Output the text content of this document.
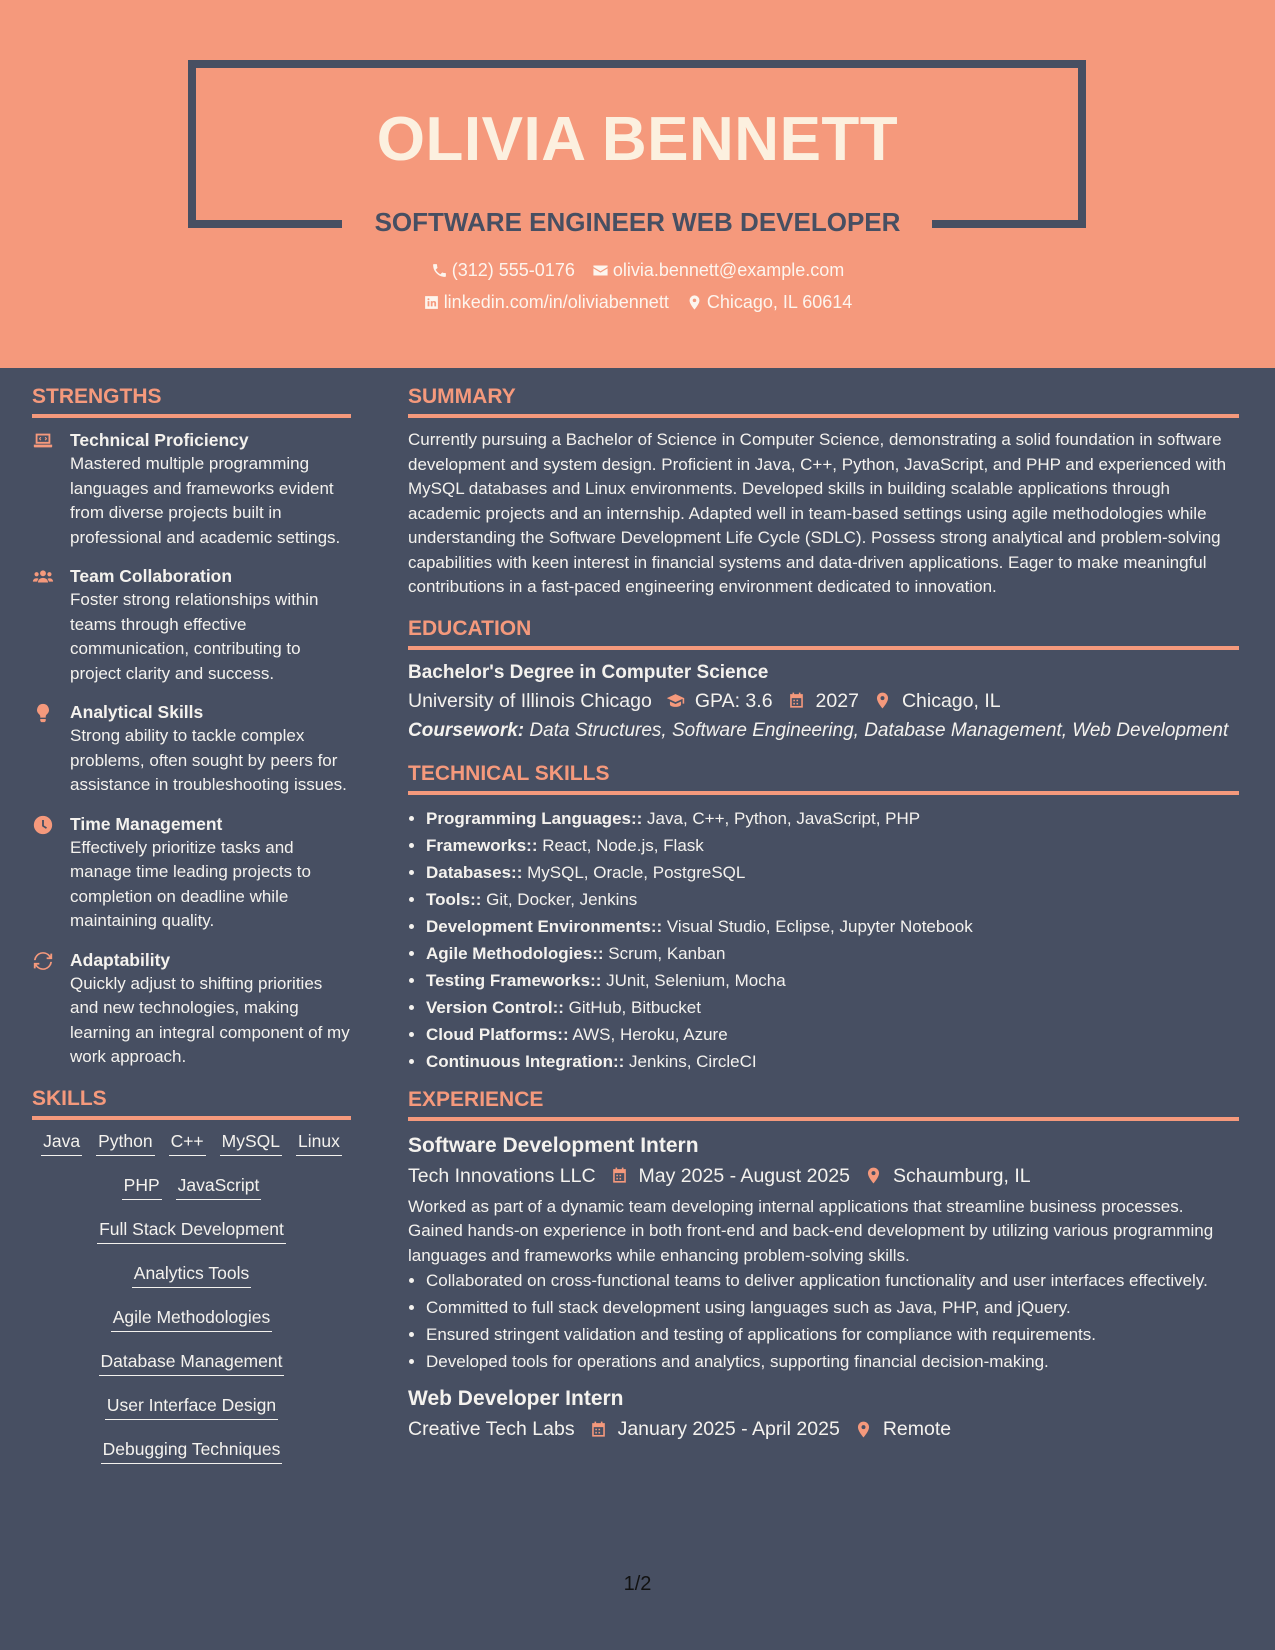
OLIVIA BENNETT
SOFTWARE ENGINEER WEB DEVELOPER
(312) 555-0176
olivia.bennett@example.com
linkedin.com/in/oliviabennett
Chicago, IL 60614
STRENGTHS
Technical Proficiency
Mastered multiple programming languages and frameworks evident from diverse projects built in professional and academic settings.
Team Collaboration
Foster strong relationships within teams through effective communication, contributing to project clarity and success.
Analytical Skills
Strong ability to tackle complex problems, often sought by peers for assistance in troubleshooting issues.
Time Management
Effectively prioritize tasks and manage time leading projects to completion on deadline while maintaining quality.
Adaptability
Quickly adjust to shifting priorities and new technologies, making learning an integral component of my work approach.
SKILLS
Java Python C++ MySQL Linux
PHP JavaScript
Full Stack Development
Analytics Tools
Agile Methodologies
Database Management
User Interface Design
Debugging Techniques
SUMMARY
Currently pursuing a Bachelor of Science in Computer Science, demonstrating a solid foundation in software development and system design. Proficient in Java, C++, Python, JavaScript, and PHP and experienced with MySQL databases and Linux environments. Developed skills in building scalable applications through academic projects and an internship. Adapted well in team-based settings using agile methodologies while understanding the Software Development Life Cycle (SDLC). Possess strong analytical and problem-solving capabilities with keen interest in financial systems and data-driven applications. Eager to make meaningful contributions in a fast-paced engineering environment dedicated to innovation.
EDUCATION
Bachelor's Degree in Computer Science
University of Illinois Chicago GPA: 3.6 2027 Chicago, IL
Coursework: Data Structures, Software Engineering, Database Management, Web Development
TECHNICAL SKILLS
• Programming Languages:: Java, C++, Python, JavaScript, PHP
• Frameworks:: React, Node.js, Flask
• Databases:: MySQL, Oracle, PostgreSQL
• Tools:: Git, Docker, Jenkins
• Development Environments:: Visual Studio, Eclipse, Jupyter Notebook
• Agile Methodologies:: Scrum, Kanban
• Testing Frameworks:: JUnit, Selenium, Mocha
• Version Control:: GitHub, Bitbucket
• Cloud Platforms:: AWS, Heroku, Azure
• Continuous Integration:: Jenkins, CircleCI
EXPERIENCE
Software Development Intern
Tech Innovations LLC May 2025 - August 2025 Schaumburg, IL
Worked as part of a dynamic team developing internal applications that streamline business processes. Gained hands-on experience in both front-end and back-end development by utilizing various programming languages and frameworks while enhancing problem-solving skills.
• Collaborated on cross-functional teams to deliver application functionality and user interfaces effectively.
• Committed to full stack development using languages such as Java, PHP, and jQuery.
• Ensured stringent validation and testing of applications for compliance with requirements.
• Developed tools for operations and analytics, supporting financial decision-making.
Web Developer Intern
Creative Tech Labs January 2025 - April 2025 Remote
1/2
